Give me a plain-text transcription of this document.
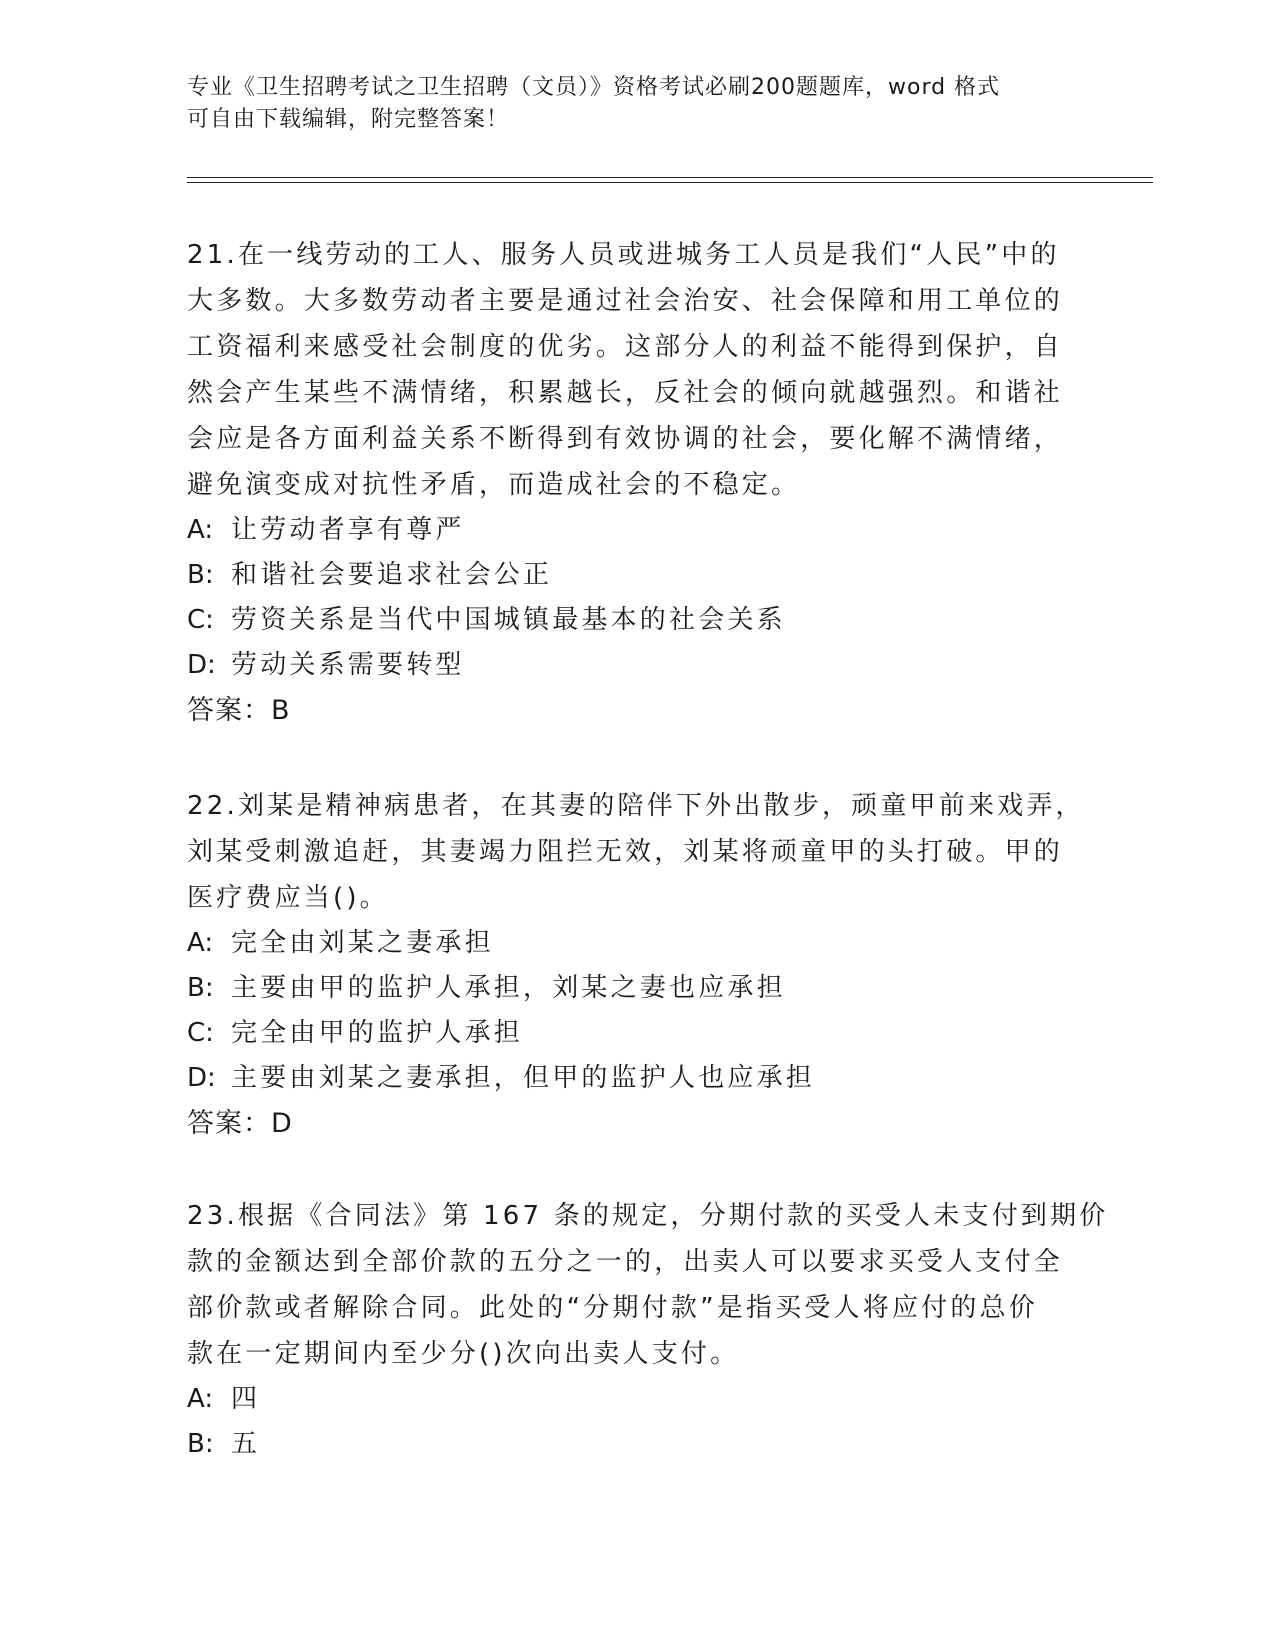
专业《卫生招聘考试之卫生招聘（文员）》资格考试必刷200题题库，word 格式
可自由下载编辑，附完整答案！
21.在一线劳动的工人、服务人员或进城务工人员是我们“人民”中的
大多数。大多数劳动者主要是通过社会治安、社会保障和用工单位的
工资福利来感受社会制度的优劣。这部分人的利益不能得到保护，自
然会产生某些不满情绪，积累越长，反社会的倾向就越强烈。和谐社
会应是各方面利益关系不断得到有效协调的社会，要化解不满情绪，
避免演变成对抗性矛盾，而造成社会的不稳定。
A: 让劳动者享有尊严
B: 和谐社会要追求社会公正
C: 劳资关系是当代中国城镇最基本的社会关系
D: 劳动关系需要转型
答案：B
22.刘某是精神病患者，在其妻的陪伴下外出散步，顽童甲前来戏弄，
刘某受刺激追赶，其妻竭力阻拦无效，刘某将顽童甲的头打破。甲的
医疗费应当()。
A: 完全由刘某之妻承担
B: 主要由甲的监护人承担，刘某之妻也应承担
C: 完全由甲的监护人承担
D: 主要由刘某之妻承担，但甲的监护人也应承担
答案：D
23.根据《合同法》第 167 条的规定，分期付款的买受人未支付到期价
款的金额达到全部价款的五分之一的，出卖人可以要求买受人支付全
部价款或者解除合同。此处的“分期付款”是指买受人将应付的总价
款在一定期间内至少分()次向出卖人支付。
A: 四
B: 五
